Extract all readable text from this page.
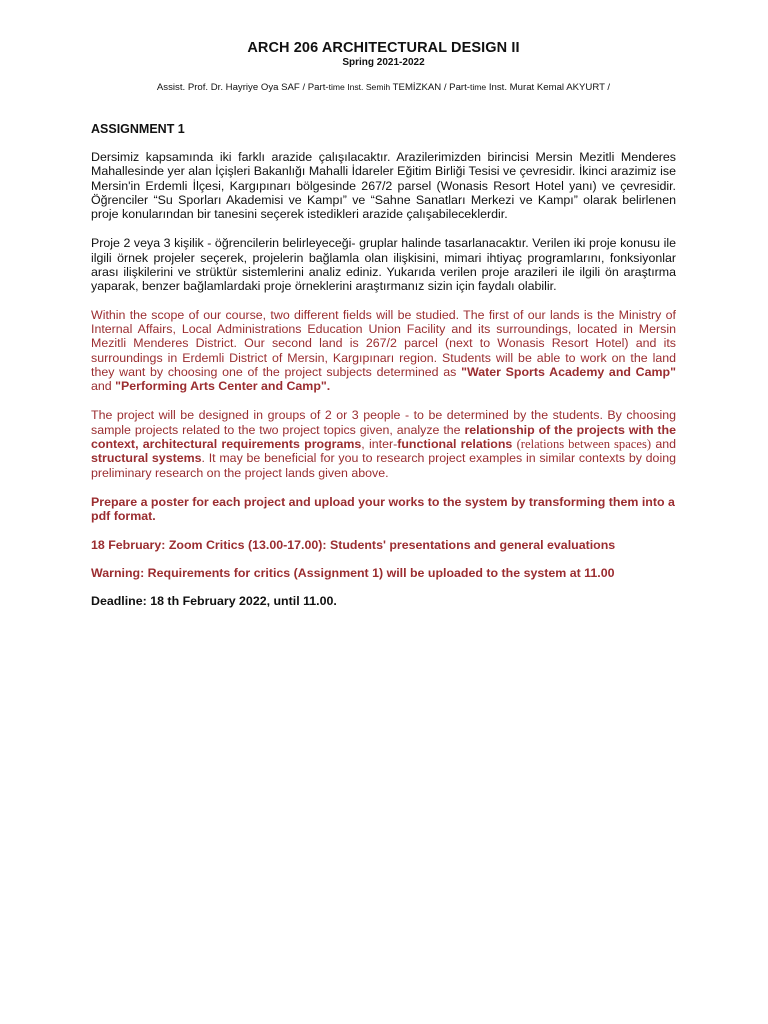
ARCH 206 ARCHITECTURAL DESIGN II
Spring 2021-2022
Assist. Prof. Dr. Hayriye Oya SAF / Part-time Inst. Semih TEMİZKAN / Part-time Inst. Murat Kemal AKYURT /
ASSIGNMENT 1

Dersimiz kapsamında iki farklı arazide çalışılacaktır. Arazilerimizden birincisi Mersin Mezitli Menderes Mahallesinde yer alan İçişleri Bakanlığı Mahalli İdareler Eğitim Birliği Tesisi ve çevresidir. İkinci arazimiz ise Mersin'in Erdemli İlçesi, Kargıpınarı bölgesinde 267/2 parsel (Wonasis Resort Hotel yanı) ve çevresidir. Öğrenciler “Su Sporları Akademisi ve Kampı” ve “Sahne Sanatları Merkezi ve Kampı” olarak belirlenen proje konularından bir tanesini seçerek istedikleri arazide çalışabileceklerdir.

Proje 2 veya 3 kişilik - öğrencilerin belirleyeceği- gruplar halinde tasarlanacaktır. Verilen iki proje konusu ile ilgili örnek projeler seçerek, projelerin bağlamla olan ilişkisini, mimari ihtiyaç programlarını, fonksiyonlar arası ilişkilerini ve strüktür sistemlerini analiz ediniz. Yukarıda verilen proje arazileri ile ilgili ön araştırma yaparak, benzer bağlamlardaki proje örneklerini araştırmanız sizin için faydalı olabilir.

Within the scope of our course, two different fields will be studied. The first of our lands is the Ministry of Internal Affairs, Local Administrations Education Union Facility and its surroundings, located in Mersin Mezitli Menderes District. Our second land is 267/2 parcel (next to Wonasis Resort Hotel) and its surroundings in Erdemli District of Mersin, Kargıpınarı region. Students will be able to work on the land they want by choosing one of the project subjects determined as "Water Sports Academy and Camp" and "Performing Arts Center and Camp".

The project will be designed in groups of 2 or 3 people - to be determined by the students. By choosing sample projects related to the two project topics given, analyze the relationship of the projects with the context, architectural requirements programs, inter-functional relations (relations between spaces) and structural systems. It may be beneficial for you to research project examples in similar contexts by doing preliminary research on the project lands given above.

Prepare a poster for each project and upload your works to the system by transforming them into a pdf format.

18 February: Zoom Critics (13.00-17.00): Students' presentations and general evaluations

Warning: Requirements for critics (Assignment 1) will be uploaded to the system at 11.00

Deadline: 18 th February 2022, until 11.00.
